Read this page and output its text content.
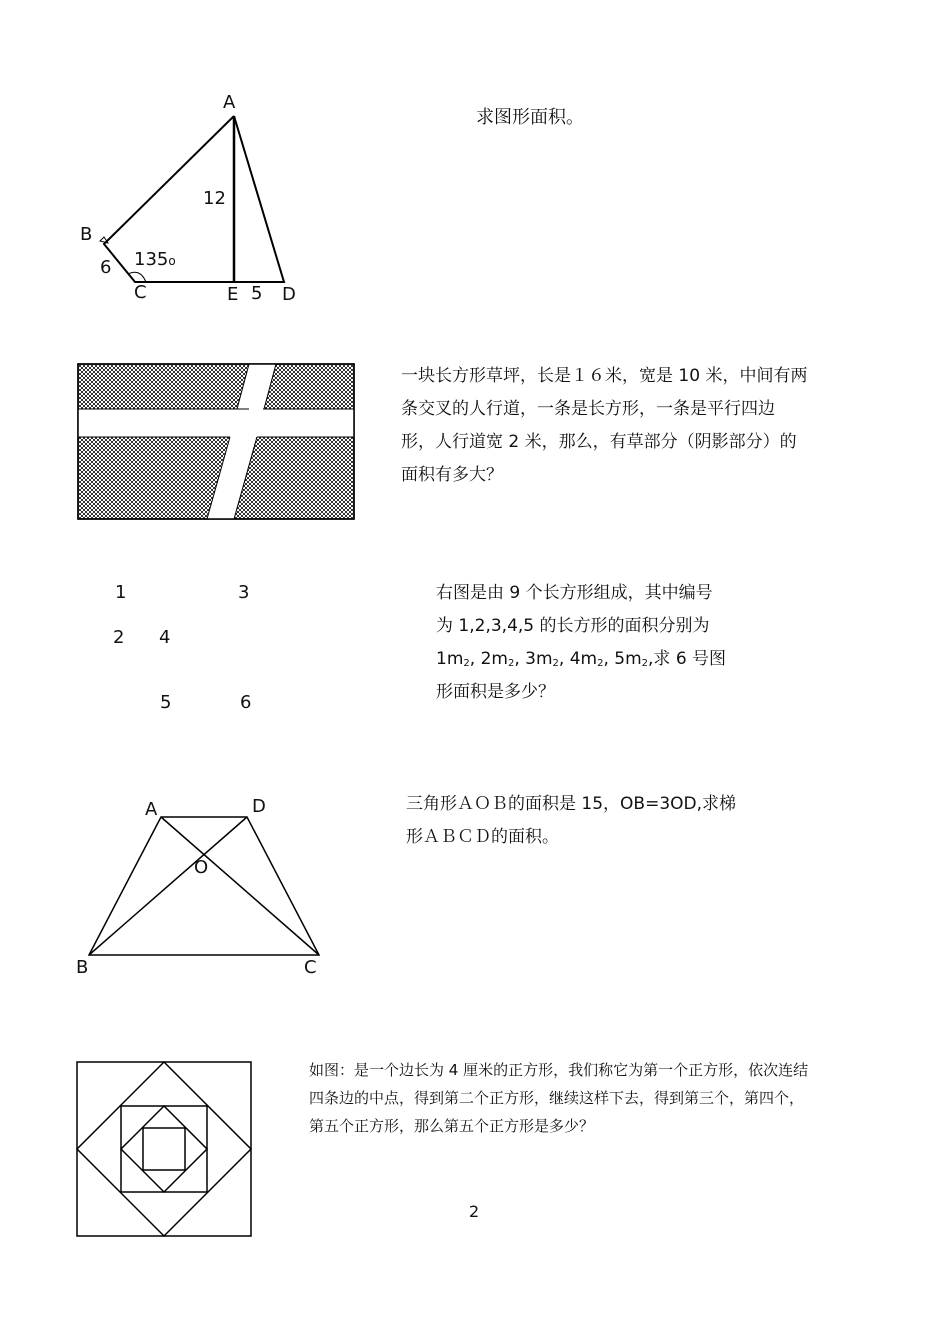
A
B
C	E D
12
6
5
135o
求图形面积。
一块长方形草坪，长是１６米，宽是 10 米，中间有两
条交叉的人行道，一条是长方形，一条是平行四边
形，人行道宽 2 米，那么，有草部分（阴影部分）的
面积有多大？
1	3
2 4
5	6
右图是由 9 个长方形组成，其中编号
为 1,2,3,4,5 的长方形的面积分别为
$1m_2$, $2m_2$, $3m_2$, $4m_2$, $5m_2$,求 6 号图
形面积是多少？
A	D
O
B	C
三角形ＡＯＢ的面积是 15，OB=3OD,求梯
形ＡＢＣＤ的面积。
如图：是一个边长为 4 厘米的正方形，我们称它为第一个正方形，依次连结
四条边的中点，得到第二个正方形，继续这样下去，得到第三个，第四个，
第五个正方形，那么第五个正方形是多少？
2
